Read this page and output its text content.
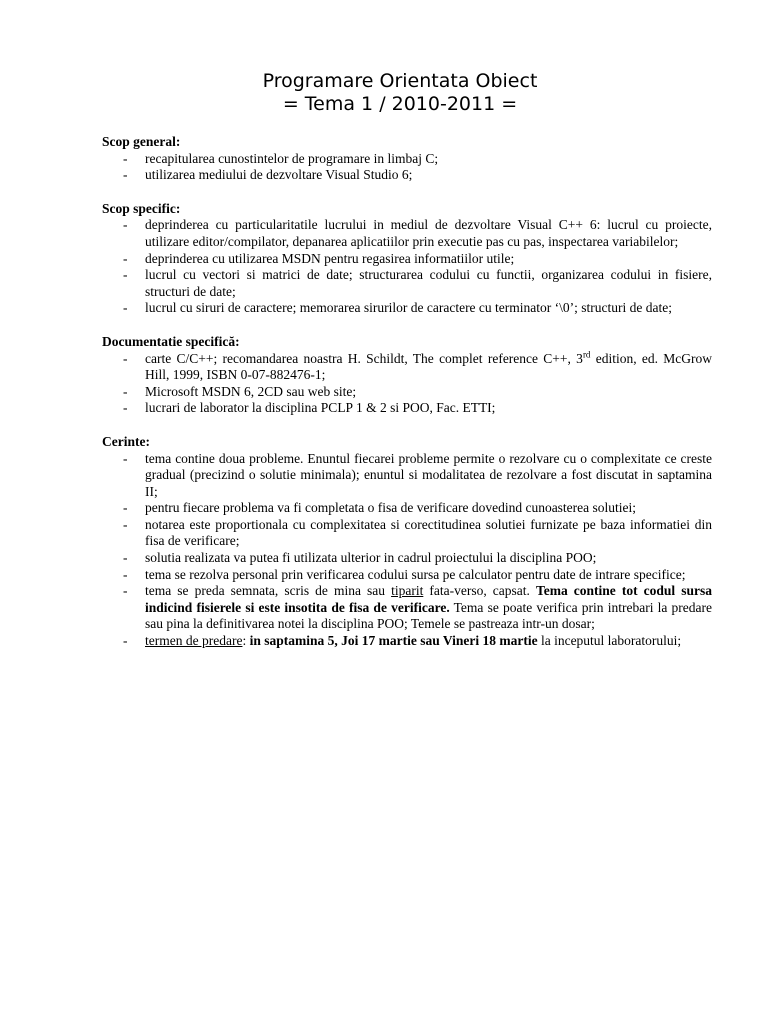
Programare Orientata Obiect
= Tema 1 / 2010-2011 =

Scop general:

- recapitularea cunostintelor de programare in limbaj C;
- utilizarea mediului de dezvoltare Visual Studio 6;

Scop specific:

- deprinderea cu particularitatile lucrului in mediul de dezvoltare Visual C++ 6: lucrul cu proiecte, utilizare editor/compilator, depanarea aplicatiilor prin executie pas cu pas, inspectarea variabilelor;
- deprinderea cu utilizarea MSDN pentru regasirea informatiilor utile;
- lucrul cu vectori si matrici de date; structurarea codului cu functii, organizarea codului in fisiere, structuri de date;
- lucrul cu siruri de caractere; memorarea sirurilor de caractere cu terminator ‘\0’; structuri de date;

Documentatie specifică:

- carte C/C++; recomandarea noastra H. Schildt, The complet reference C++, 3rd edition, ed. McGrow Hill, 1999, ISBN 0-07-882476-1;
- Microsoft MSDN 6, 2CD sau web site;
- lucrari de laborator la disciplina PCLP 1 & 2 si POO, Fac. ETTI;

Cerinte:

- tema contine doua probleme. Enuntul fiecarei probleme permite o rezolvare cu o complexitate ce creste gradual (precizind o solutie minimala); enuntul si modalitatea de rezolvare a fost discutat in saptamina II;
- pentru fiecare problema va fi completata o fisa de verificare dovedind cunoasterea solutiei;
- notarea este proportionala cu complexitatea si corectitudinea solutiei furnizate pe baza informatiei din fisa de verificare;
- solutia realizata va putea fi utilizata ulterior in cadrul proiectului la disciplina POO;
- tema se rezolva personal prin verificarea codului sursa pe calculator pentru date de intrare specifice;
- tema se preda semnata, scris de mina sau tiparit fata-verso, capsat. Tema contine tot codul sursa indicind fisierele si este insotita de fisa de verificare. Tema se poate verifica prin intrebari la predare sau pina la definitivarea notei la disciplina POO; Temele se pastreaza intr-un dosar;
- termen de predare: in saptamina 5, Joi 17 martie sau Vineri 18 martie la inceputul laboratorului;
